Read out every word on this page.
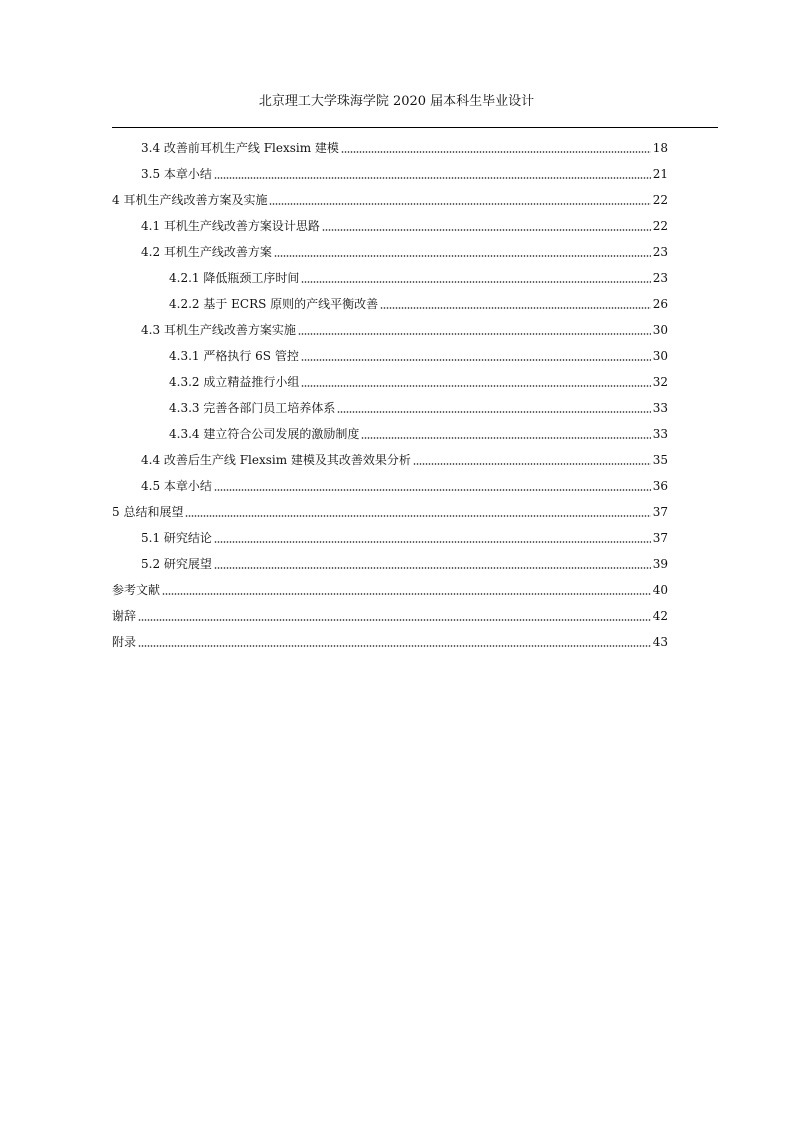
北京理工大学珠海学院 2020 届本科生毕业设计
3.4 改善前耳机生产线 Flexsim 建模	18
3.5 本章小结	21
4 耳机生产线改善方案及实施	22
4.1 耳机生产线改善方案设计思路	22
4.2 耳机生产线改善方案	23
4.2.1 降低瓶颈工序时间	23
4.2.2 基于 ECRS 原则的产线平衡改善	26
4.3 耳机生产线改善方案实施	30
4.3.1 严格执行 6S 管控	30
4.3.2 成立精益推行小组	32
4.3.3 完善各部门员工培养体系	33
4.3.4 建立符合公司发展的激励制度	33
4.4 改善后生产线 Flexsim 建模及其改善效果分析	35
4.5 本章小结	36
5 总结和展望	37
5.1 研究结论	37
5.2 研究展望	39
参考文献	40
谢辞	42
附录	43
